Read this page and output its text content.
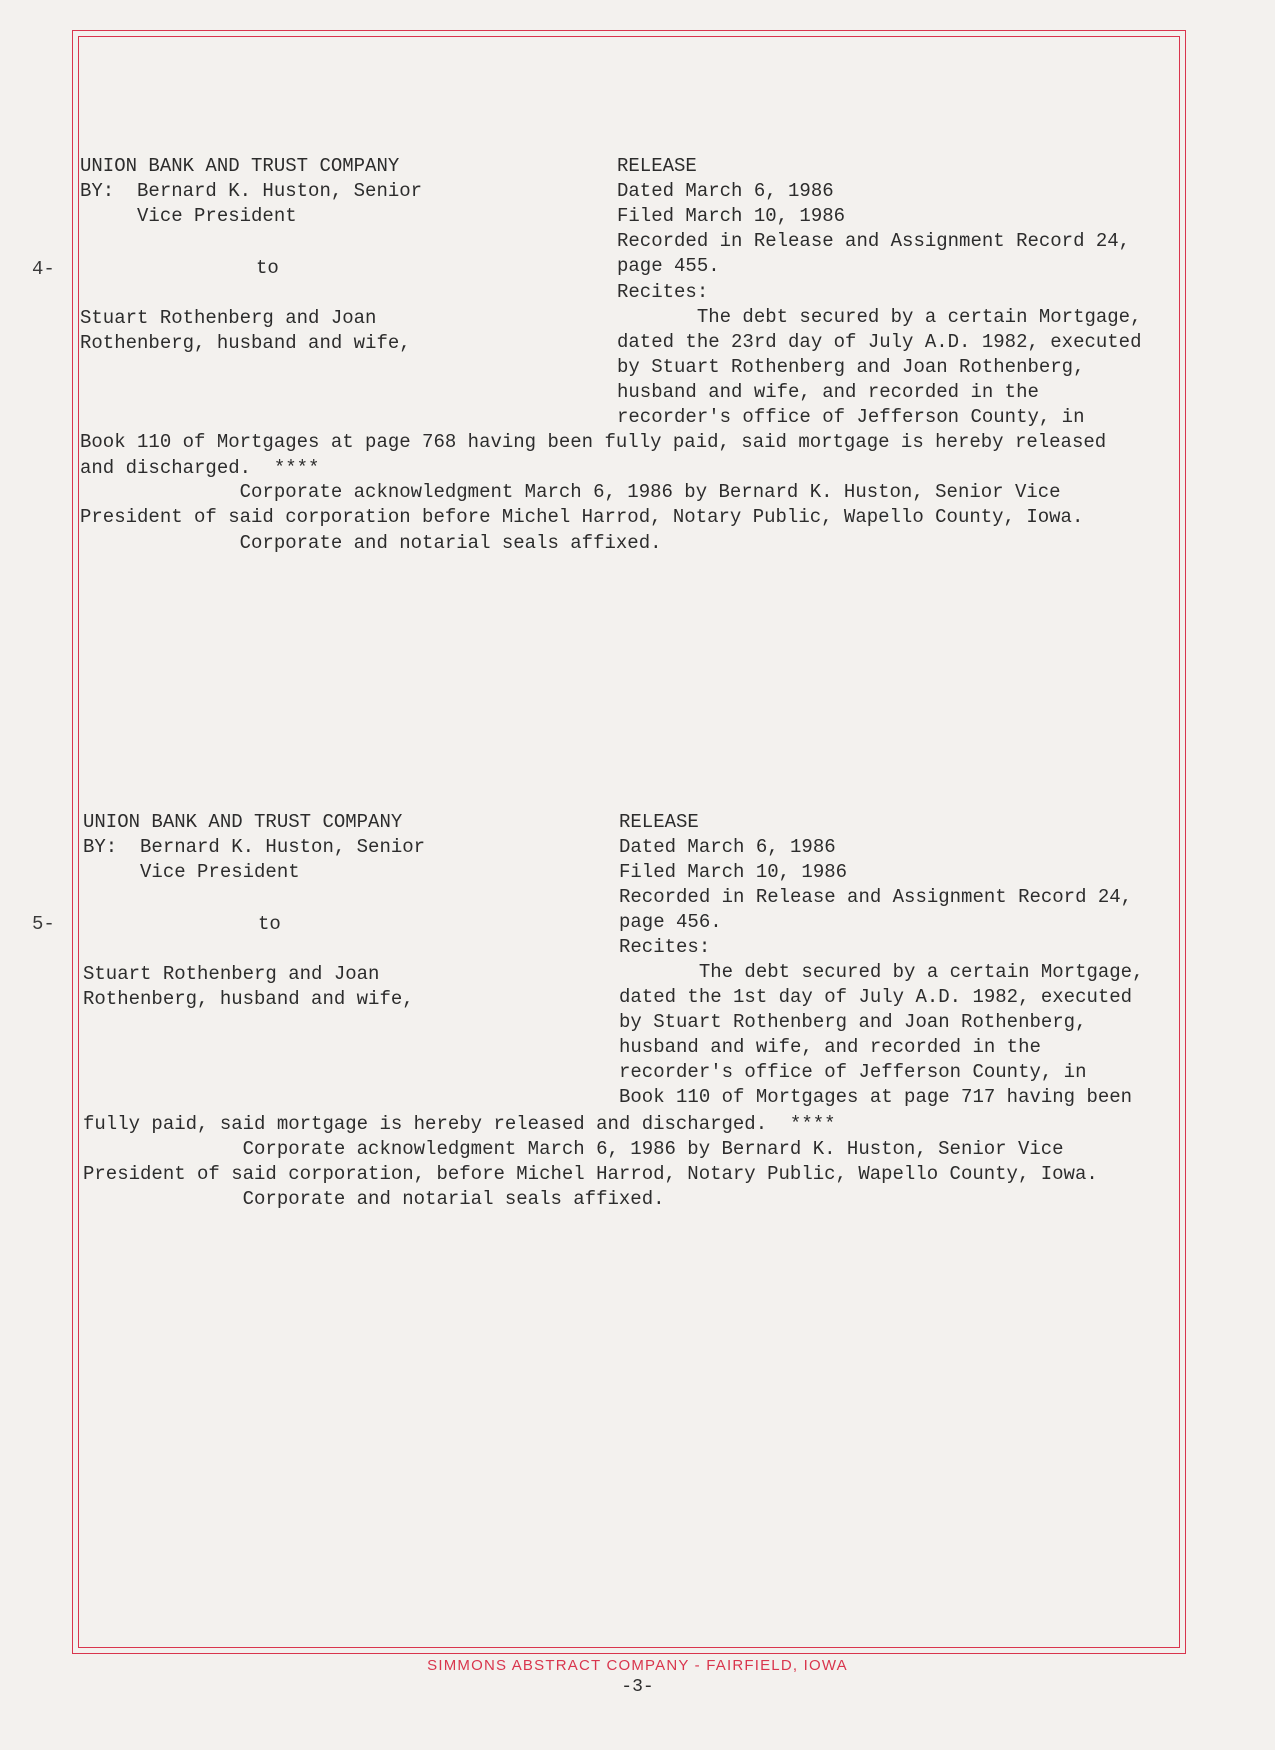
4-
UNION BANK AND TRUST COMPANY
BY:  Bernard K. Huston, Senior
Vice President
to
Stuart Rothenberg and Joan
Rothenberg, husband and wife,
RELEASE
Dated March 6, 1986
Filed March 10, 1986
Recorded in Release and Assignment Record 24,
page 455.
Recites:
The debt secured by a certain Mortgage,
dated the 23rd day of July A.D. 1982, executed
by Stuart Rothenberg and Joan Rothenberg,
husband and wife, and recorded in the
recorder's office of Jefferson County, in
Book 110 of Mortgages at page 768 having been fully paid, said mortgage is hereby released
and discharged.  ****
Corporate acknowledgment March 6, 1986 by Bernard K. Huston, Senior Vice
President of said corporation before Michel Harrod, Notary Public, Wapello County, Iowa.
Corporate and notarial seals affixed.
5-
UNION BANK AND TRUST COMPANY
BY:  Bernard K. Huston, Senior
Vice President
to
Stuart Rothenberg and Joan
Rothenberg, husband and wife,
RELEASE
Dated March 6, 1986
Filed March 10, 1986
Recorded in Release and Assignment Record 24,
page 456.
Recites:
The debt secured by a certain Mortgage,
dated the 1st day of July A.D. 1982, executed
by Stuart Rothenberg and Joan Rothenberg,
husband and wife, and recorded in the
recorder's office of Jefferson County, in
Book 110 of Mortgages at page 717 having been
fully paid, said mortgage is hereby released and discharged.  ****
Corporate acknowledgment March 6, 1986 by Bernard K. Huston, Senior Vice
President of said corporation, before Michel Harrod, Notary Public, Wapello County, Iowa.
Corporate and notarial seals affixed.
SIMMONS ABSTRACT COMPANY - FAIRFIELD, IOWA
-3-
